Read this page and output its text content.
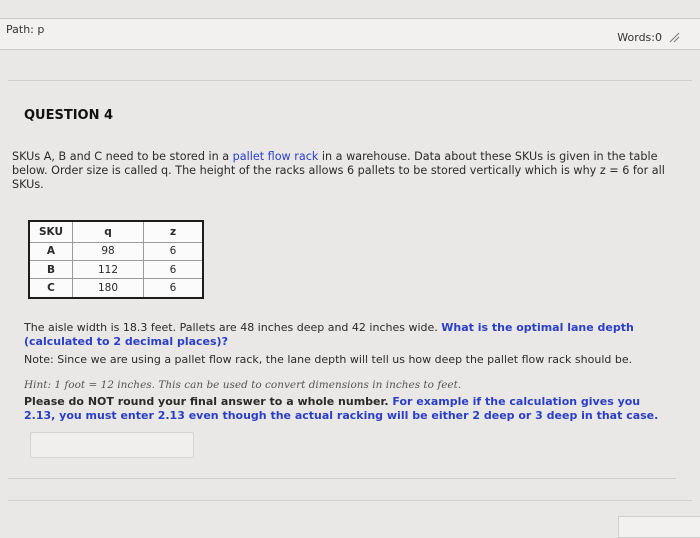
Path: p
Words:0
QUESTION 4
SKUs A, B and C need to be stored in a pallet flow rack in a warehouse. Data about these SKUs is given in the table below. Order size is called q. The height of the racks allows 6 pallets to be stored vertically which is why z = 6 for all SKUs.
SKU	q	z
A	98	6
B	112	6
C	180	6
The aisle width is 18.3 feet. Pallets are 48 inches deep and 42 inches wide. What is the optimal lane depth (calculated to 2 decimal places)?
Note: Since we are using a pallet flow rack, the lane depth will tell us how deep the pallet flow rack should be.
Hint: 1 foot = 12 inches. This can be used to convert dimensions in inches to feet.
Please do NOT round your final answer to a whole number. For example if the calculation gives you 2.13, you must enter 2.13 even though the actual racking will be either 2 deep or 3 deep in that case.
